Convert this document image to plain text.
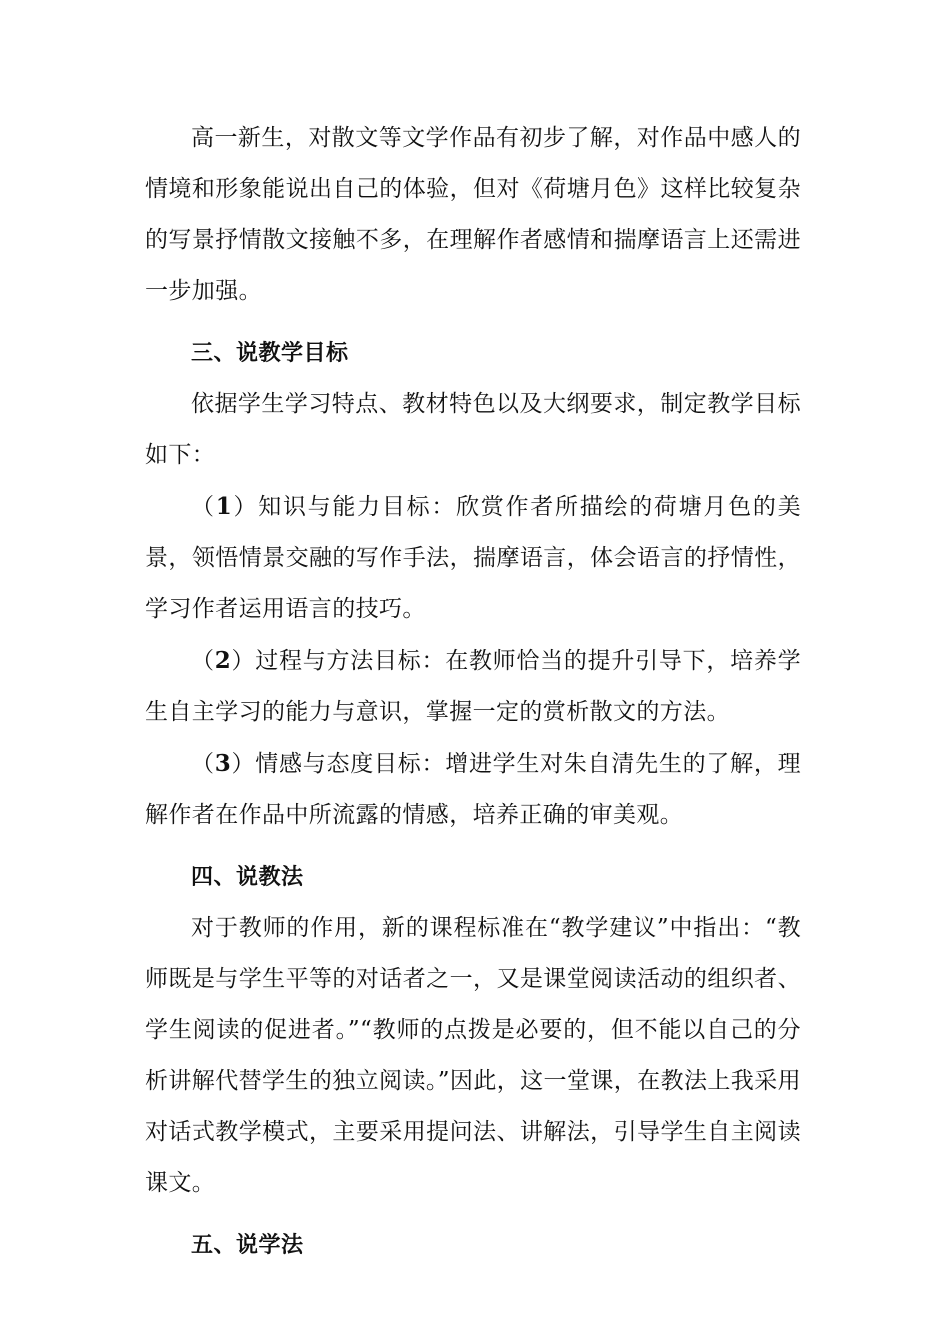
高一新生，对散文等文学作品有初步了解，对作品中感人的情境和形象能说出自己的体验，但对《荷塘月色》这样比较复杂的写景抒情散文接触不多，在理解作者感情和揣摩语言上还需进一步加强。

三、说教学目标

依据学生学习特点、教材特色以及大纲要求，制定教学目标如下：

（1）知识与能力目标：欣赏作者所描绘的荷塘月色的美景，领悟情景交融的写作手法，揣摩语言，体会语言的抒情性，学习作者运用语言的技巧。

（2）过程与方法目标：在教师恰当的提升引导下，培养学生自主学习的能力与意识，掌握一定的赏析散文的方法。

（3）情感与态度目标：增进学生对朱自清先生的了解，理解作者在作品中所流露的情感，培养正确的审美观。

四、说教法

对于教师的作用，新的课程标准在“教学建议”中指出：“教师既是与学生平等的对话者之一，又是课堂阅读活动的组织者、学生阅读的促进者。”“教师的点拨是必要的，但不能以自己的分析讲解代替学生的独立阅读。”因此，这一堂课，在教法上我采用对话式教学模式，主要采用提问法、讲解法，引导学生自主阅读课文。

五、说学法
